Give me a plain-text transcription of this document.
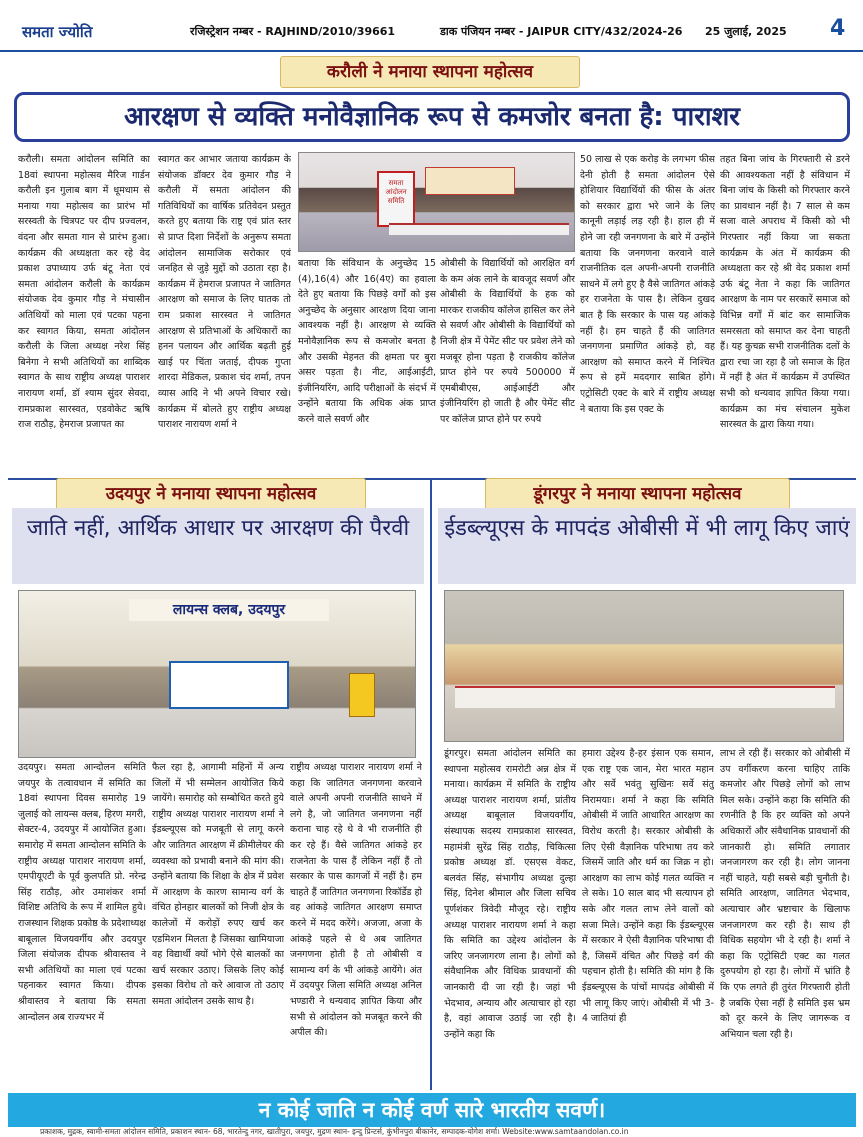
समता ज्योति	रजिस्ट्रेशन नम्बर - RAJHIND/2010/39661	डाक पंजियन नम्बर - JAIPUR CITY/432/2024-26 25 जुलाई, 2025 4
करौली ने मनाया स्थापना महोत्सव
आरक्षण से व्यक्ति मनोवैज्ञानिक रूप से कमजोर बनता है: पाराशर
करौली। समता आंदोलन समिति का 18वां स्थापना महोत्सव मैरिज गार्डन करौली इन गुलाब बाग में धूमधाम से मनाया गया महोत्सव का प्रारंभ माँ सरस्वती के चित्रपट पर दीप प्रज्वलन, वंदना और समता गान से प्रारंभ हुआ। कार्यक्रम की अध्यक्षता कर रहे वेद प्रकाश उपाध्याय उर्फ बंटू नेता एवं समता आंदोलन करौली के कार्यक्रम संयोजक देव कुमार गौड़ ने मंचासीन अतिथियों को माला एवं पटका पहना कर स्वागत किया, समता आंदोलन करौली के जिला अध्यक्ष नरेश सिंह बिनेगा ने सभी अतिथियों का शाब्दिक स्वागत के साथ राष्ट्रीय अध्यक्ष पाराशर नारायण शर्मा, डॉ श्याम सुंदर सेवदा, रामप्रकाश सारस्वत, एडवोकेट ऋषि राज राठौड़, हेमराज प्रजापत का
स्वागत कर आभार जताया कार्यक्रम के संयोजक डॉक्टर देव कुमार गौड़ ने करौली में समता आंदोलन की गतिविधियों का वार्षिक प्रतिवेदन प्रस्तुत करते हुए बताया कि राष्ट्र एवं प्रांत स्तर से प्राप्त दिशा निर्देशों के अनुरूप समता आंदोलन सामाजिक सरोकार एवं जनहित से जुड़े मुद्दों को उठाता रहा है। कार्यक्रम में हेमराज प्रजापत ने जातिगत आरक्षण को समाज के लिए घातक तो राम प्रकाश सारस्वत ने जातिगत आरक्षण से प्रतिभाओं के अधिकारों का हनन पलायन और आर्थिक बढ़ती हुई खाई पर चिंता जताई, दीपक गुप्ता शारदा मेडिकल, प्रकाश चंद शर्मा, तपन व्यास आदि ने भी अपने विचार रखे। कार्यक्रम में बोलते हुए राष्ट्रीय अध्यक्ष पाराशर नारायण शर्मा ने
समता आंदोलन समिति
बताया कि संविधान के अनुच्छेद 15 (4),16(4) और 16(4ए) का हवाला देते हुए बताया कि पिछड़े वर्गों को इस अनुच्छेद के अनुसार आरक्षण दिया जाना आवश्यक नहीं है। आरक्षण से व्यक्ति मनोवैज्ञानिक रूप से कमजोर बनता है और उसकी मेहनत की क्षमता पर बुरा असर पड़ता है। नीट, आईआईटी, इंजीनियरिंग, आदि परीक्षाओं के संदर्भ में उन्होंने बताया कि अधिक अंक प्राप्त करने वाले सवर्ण और
ओबीसी के विद्यार्थियों को आरक्षित वर्ग के कम अंक लाने के बावजूद सवर्ण और ओबीसी के विद्यार्थियों के हक को मारकर राजकीय कॉलेज हासिल कर लेने से सवर्ण और ओबीसी के विद्यार्थियों को निजी क्षेत्र में पेमेंट सीट पर प्रवेश लेने को मजबूर होना पड़ता है राजकीय कॉलेज प्राप्त होने पर रुपये 500000 में एमबीबीएस, आईआईटी और इंजीनियरिंग हो जाती है और पेमेंट सीट पर कॉलेज प्राप्त होने पर रुपये
50 लाख से एक करोड़ के लगभग फीस देनी होती है समता आंदोलन ऐसे होशियार विद्यार्थियों की फीस के अंतर को सरकार द्वारा भरे जाने के लिए कानूनी लड़ाई लड़ रही है। हाल ही में होने जा रही जनगणना के बारे में उन्होंने बताया कि जनगणना करवाने वाले राजनीतिक दल अपनी-अपनी राजनीति साधने में लगे हुए है वैसे जातिगत आंकड़े हर राजनेता के पास है। लेकिन दुखद बात है कि सरकार के पास यह आंकड़े नहीं है। हम चाहते हैं की जातिगत जनगणना प्रमाणित आंकड़े हो, वह आरक्षण को समाप्त करने में निश्चित रूप से हमें मददगार साबित होंगे। एट्रोसिटी एक्ट के बारे में राष्ट्रीय अध्यक्ष ने बताया कि इस एक्ट के
तहत बिना जांच के गिरफ्तारी से डरने की आवश्यकता नहीं है संविधान में बिना जांच के किसी को गिरफ्तार करने का प्रावधान नहीं है। 7 साल से कम सजा वाले अपराध में किसी को भी गिरफ्तार नहीं किया जा सकता कार्यक्रम के अंत में कार्यक्रम की अध्यक्षता कर रहे श्री वेद प्रकाश शर्मा उर्फ बंटू नेता ने कहा कि जातिगत आरक्षण के नाम पर सरकारें समाज को विभिन्न वर्गों में बांट कर सामाजिक समरसता को समाप्त कर देना चाहती हैं। यह कुचक्र सभी राजनीतिक दलों के द्वारा रचा जा रहा है जो समाज के हित में नहीं है अंत में कार्यक्रम में उपस्थित सभी को धन्यवाद ज्ञापित किया गया। कार्यक्रम का मंच संचालन मुकेश सारस्वत के द्वारा किया गया।
उदयपुर ने मनाया स्थापना महोत्सव
जाति नहीं, आर्थिक आधार पर आरक्षण की पैरवी
लायन्स क्लब, उदयपुर
उदयपुर। समता आन्दोलन समिति जयपुर के तत्वावधान में समिति का 18वां स्थापना दिवस समारोह 19 जुलाई को लायन्स क्लब, हिरण मगरी, सेक्टर-4, उदयपुर में आयोजित हुआ। समारोह में समता आन्दोलन समिति के राष्ट्रीय अध्यक्ष पाराशर नारायण शर्मा, एमपीयूएटी के पूर्व कुलपति प्रो. नरेन्द्र सिंह राठौड़, ओर उमाशंकर शर्मा विशिष्ट अतिथि के रूप में शामिल हुये। राजस्थान शिक्षक प्रकोष्ठ के प्रदेशाध्यक्ष बाबूलाल विजयवर्गीय और उदयपुर जिला संयोजक दीपक श्रीवास्तव ने सभी अतिथियों का माला एवं पटका पहनाकर स्वागत किया। दीपक श्रीवास्तव ने बताया कि समता आन्दोलन अब राज्यभर में
फैल रहा है, आगामी महिनों में अन्य जिलों में भी सम्मेलन आयोजित किये जायेंगे। समारोह को सम्बोधित करते हुये राष्ट्रीय अध्यक्ष पाराशर नारायण शर्मा ने ईडब्ल्यूएस को मजबूती से लागू करने और जातिगत आरक्षण में क्रीमीलेयर की व्यवस्था को प्रभावी बनाने की मांग की। उन्होंने बताया कि शिक्षा के क्षेत्र में प्रवेश में आरक्षण के कारण सामान्य वर्ग के वंचित होनहार बालकों को निजी क्षेत्र के कालेजों में करोड़ों रुपए खर्च कर एडमिशन मिलता है जिसका खामियाजा वह विद्यार्थी क्यों भोगे ऐसे बालकों का खर्च सरकार उठाए। जिसके लिए कोई इसका विरोध तो करे आवाज तो उठाए समता आंदोलन उसके साथ है।
राष्ट्रीय अध्यक्ष पाराशर नारायण शर्मा ने कहा कि जातिगत जनगणना करवाने वाले अपनी अपनी राजनीति साधने में लगे है, जो जातिगत जनगणना नहीं कराना चाह रहे थे वे भी राजनीति ही कर रहे हैं। वैसे जातिगत आंकड़े हर राजनेता के पास हैं लेकिन नहीं हैं तो सरकार के पास कागजों में नहीं है। हम चाहते हैं जातिगत जनगणना रिकॉर्डेड हो वह आंकड़े जातिगत आरक्षण समाप्त करने में मदद करेंगे। अजजा, अजा के आंकड़े पहले से थे अब जातिगत जनगणना होती है तो ओबीसी व सामान्य वर्ग के भी आंकड़े आयेंगे। अंत में उदयपुर जिला समिति अध्यक्ष अनिल भण्डारी ने धन्यवाद ज्ञापित किया और सभी से आंदोलन को मजबूत करने की अपील की।
डूंगरपुर ने मनाया स्थापना महोत्सव
ईडब्ल्यूएस के मापदंड ओबीसी में भी लागू किए जाएं
डूंगरपुर। समता आंदोलन समिति का स्थापना महोत्सव रामरोटी अन्न क्षेत्र में मनाया। कार्यक्रम में समिति के राष्ट्रीय अध्यक्ष पाराशर नारायण शर्मा, प्रांतीय अध्यक्ष बाबूलाल विजयवर्गीय, संस्थापक सदस्य रामप्रकाश सारस्वत, महामंत्री सुरेंद्र सिंह राठौड़, चिकित्सा प्रकोष्ठ अध्यक्ष डॉ. एसएस वेकट, बलवंत सिंह, संभागीय अध्यक्ष दुल्हा सिंह, दिनेश श्रीमाल और जिला सचिव पूर्णशंकर त्रिवेदी मौजूद रहे। राष्ट्रीय अध्यक्ष पाराशर नारायण शर्मा ने कहा कि समिति का उद्देश्य आंदोलन के जरिए जनजागरण लाना है। लोगों को संवैधानिक और विधिक प्रावधानों की जानकारी दी जा रही है। जहां भी भेदभाव, अन्याय और अत्याचार हो रहा है, वहां आवाज उठाई जा रही है। उन्होंने कहा कि
हमारा उद्देश्य है-हर इंसान एक समान, एक राष्ट्र एक जान, मेरा भारत महान और सर्वे भवंतु सुखिनः सर्वे संतु निरामयाः। शर्मा ने कहा कि समिति ओबीसी में जाति आधारित आरक्षण का विरोध करती है। सरकार ओबीसी के लिए ऐसी वैज्ञानिक परिभाषा तय करे जिसमें जाति और धर्म का जिक्र न हो। आरक्षण का लाभ कोई गलत व्यक्ति न ले सके। 10 साल बाद भी सत्यापन हो सके और गलत लाभ लेने वालों को सजा मिले। उन्होंने कहा कि ईडब्ल्यूएस में सरकार ने ऐसी वैज्ञानिक परिभाषा दी है, जिसमें वंचित और पिछड़े वर्ग की पहचान होती है। समिति की मांग है कि ईडब्ल्यूएस के पांचों मापदंड ओबीसी में भी लागू किए जाएं। ओबीसी में भी 3-4 जातियां ही
लाभ ले रही हैं। सरकार को ओबीसी में उप वर्गीकरण करना चाहिए ताकि कमजोर और पिछड़े लोगों को लाभ मिल सके। उन्होंने कहा कि समिति की रणनीति है कि हर व्यक्ति को अपने अधिकारों और संवैधानिक प्रावधानों की जानकारी हो। समिति लगातार जनजागरण कर रही है। लोग जानना नहीं चाहते, यही सबसे बड़ी चुनौती है। समिति आरक्षण, जातिगत भेदभाव, अत्याचार और भ्रष्टाचार के खिलाफ जनजागरण कर रही है। साथ ही विधिक सहयोग भी दे रही है। शर्मा ने कहा कि एट्रोसिटी एक्ट का गलत दुरुपयोग हो रहा है। लोगों में भ्रांति है कि एफ लगते ही तुरंत गिरफ्तारी होती है जबकि ऐसा नहीं है समिति इस भ्रम को दूर करने के लिए जागरूक व अभियान चला रही है।
न कोई जाति न कोई वर्ण सारे भारतीय सवर्ण।
प्रकाशक, मुद्रक, स्वामी-समता आंदोलन समिति, प्रकाशन स्थान- 68, भारतेन्दु नगर, खातीपुरा, जयपुर, मुद्रण स्थान- इन्दु प्रिन्टर्स, कुंभीनपुरा बीकानेर, सम्पादक-योगेश शर्मा। Website:www.samtaandolan.co.in
